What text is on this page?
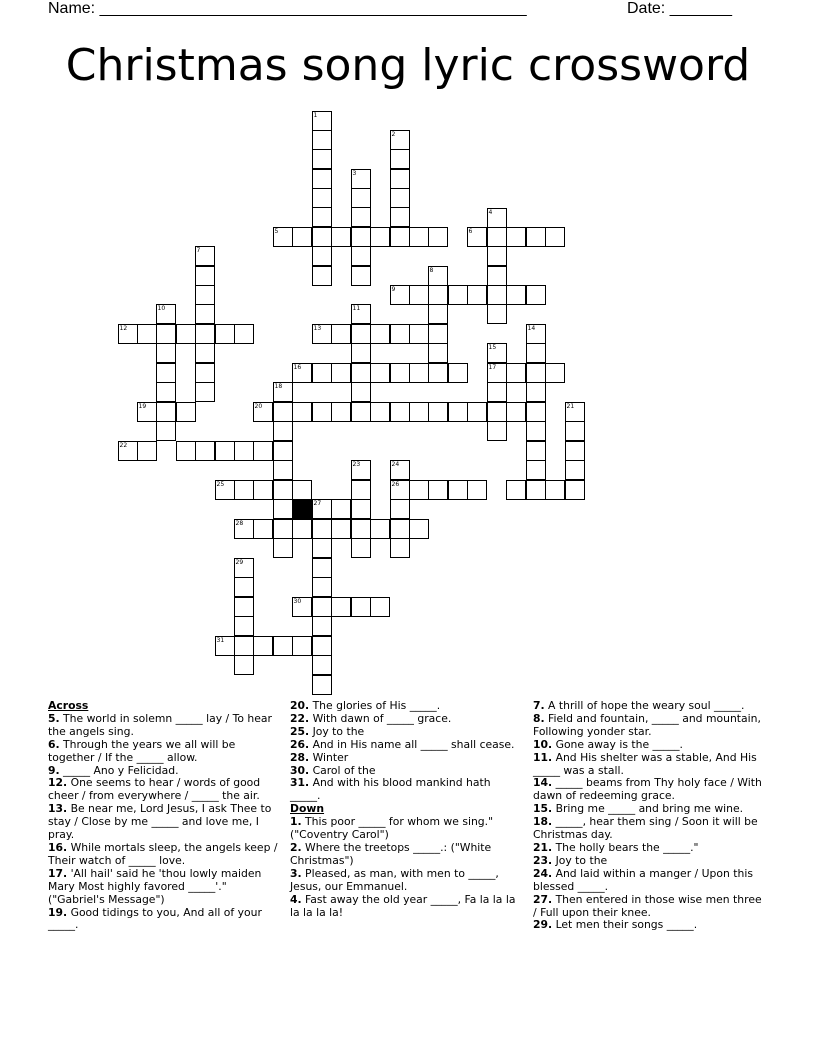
Name: ________________________________________________	Date: _______
Christmas song lyric crossword
1
2
3
4
5	6
7
8
9
10	11
12	13	14
15
16	17
18
19	20	21
22
23	24
25	26
27
28
29
30
31

Across

5. The world in solemn _____ lay / To hear the angels sing.

6. Through the years we all will be together / If the _____ allow.

9. _____ Ano y Felicidad.

12. One seems to hear / words of good cheer / from everywhere / _____ the air.

13. Be near me, Lord Jesus, I ask Thee to stay / Close by me _____ and love me, I pray.

16. While mortals sleep, the angels keep / Their watch of _____ love.

17. 'All hail' said he 'thou lowly maiden Mary Most highly favored _____'." ("Gabriel's Message")

19. Good tidings to you, And all of your _____.

20. The glories of His _____.

22. With dawn of _____ grace.

25. Joy to the

26. And in His name all _____ shall cease.

28. Winter

30. Carol of the

31. And with his blood mankind hath _____.

Down

1. This poor _____ for whom we sing." ("Coventry Carol")

2. Where the treetops _____.: ("White Christmas")

3. Pleased, as man, with men to _____, Jesus, our Emmanuel.

4. Fast away the old year _____, Fa la la la la la la la!

7. A thrill of hope the weary soul _____.

8. Field and fountain, _____ and mountain, Following yonder star.

10. Gone away is the _____.

11. And His shelter was a stable, And His _____ was a stall.

14. _____ beams from Thy holy face / With dawn of redeeming grace.

15. Bring me _____ and bring me wine.

18. _____, hear them sing / Soon it will be Christmas day.

21. The holly bears the _____."

23. Joy to the

24. And laid within a manger / Upon this blessed _____.

27. Then entered in those wise men three / Full upon their knee.

29. Let men their songs _____.
